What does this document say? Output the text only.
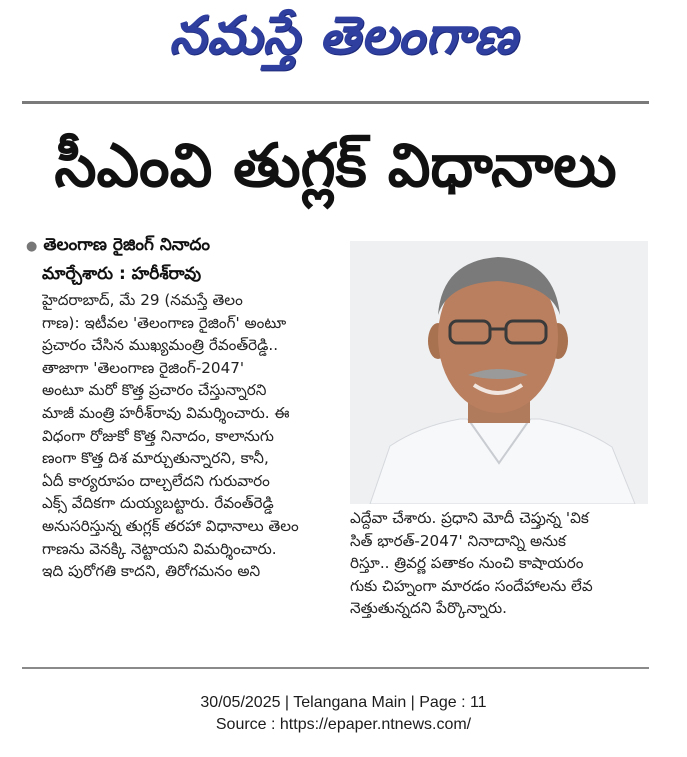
నమస్తే తెలంగాణ
సీఎంవి తుగ్లక్ విధానాలు
● తెలంగాణ రైజింగ్ నినాదం
మార్చేశారు : హరీశ్‌రావు
హైదరాబాద్, మే 29 (నమస్తే తెలం
గాణ): ఇటీవల 'తెలంగాణ రైజింగ్' అంటూ
ప్రచారం చేసిన ముఖ్యమంత్రి రేవంత్‌రెడ్డి..
తాజాగా 'తెలంగాణ రైజింగ్-2047'
అంటూ మరో కొత్త ప్రచారం చేస్తున్నారని
మాజీ మంత్రి హరీశ్‌రావు విమర్శించారు. ఈ
విధంగా రోజుకో కొత్త నినాదం, కాలానుగు
ణంగా కొత్త దిశ మార్చుతున్నారని, కానీ,
ఏదీ కార్యరూపం దాల్చలేదని గురువారం
ఎక్స్ వేదికగా దుయ్యబట్టారు. రేవంత్‌రెడ్డి
అనుసరిస్తున్న తుగ్లక్ తరహా విధానాలు తెలం
గాణను వెనక్కి నెట్టాయని విమర్శించారు.
ఇది పురోగతి కాదని, తిరోగమనం అని
ఎద్దేవా చేశారు. ప్రధాని మోదీ చెప్తున్న 'విక
సిత్ భారత్-2047' నినాదాన్ని అనుక
రిస్తూ.. త్రివర్ణ పతాకం నుంచి కాషాయరం
గుకు చిహ్నంగా మారడం సందేహాలను లేవ
నెత్తుతున్నదని పేర్కొన్నారు.
30/05/2025 | Telangana Main | Page : 11
Source : https://epaper.ntnews.com/
